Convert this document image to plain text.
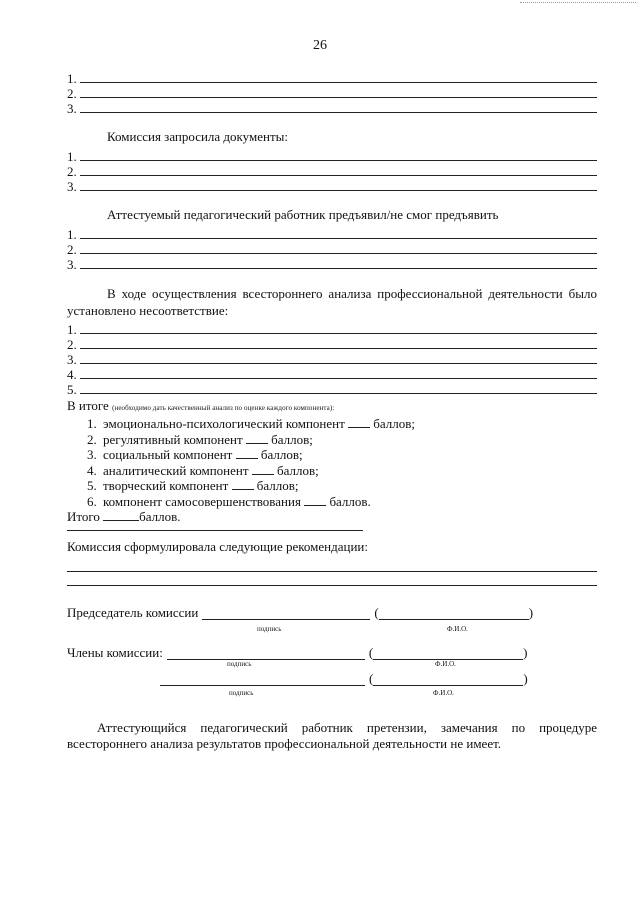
26
1.
2.
3.
Комиссия запросила документы:
1.
2.
3.
Аттестуемый педагогический работник предъявил/не смог предъявить
1.
2.
3.
В ходе осуществления всестороннего анализа профессиональной деятельности было установлено несоответствие:
1.
2.
3.
4.
5.
В итоге (необходимо дать качественный анализ по оценке каждого компонента):
1. эмоционально-психологический компонент баллов;
2. регулятивный компонент баллов;
3. социальный компонент баллов;
4. аналитический компонент баллов;
5. творческий компонент баллов;
6. компонент самосовершенствования баллов.
Итого	баллов.
Комиссия сформулировала следующие рекомендации:
Председатель комиссии	(	)
подпись	Ф.И.О.
Члены комиссии:	(	)
подпись	Ф.И.О.
(	)
подпись	Ф.И.О.
Аттестующийся педагогический работник претензии, замечания по процедуре всестороннего анализа результатов профессиональной деятельности не имеет.
